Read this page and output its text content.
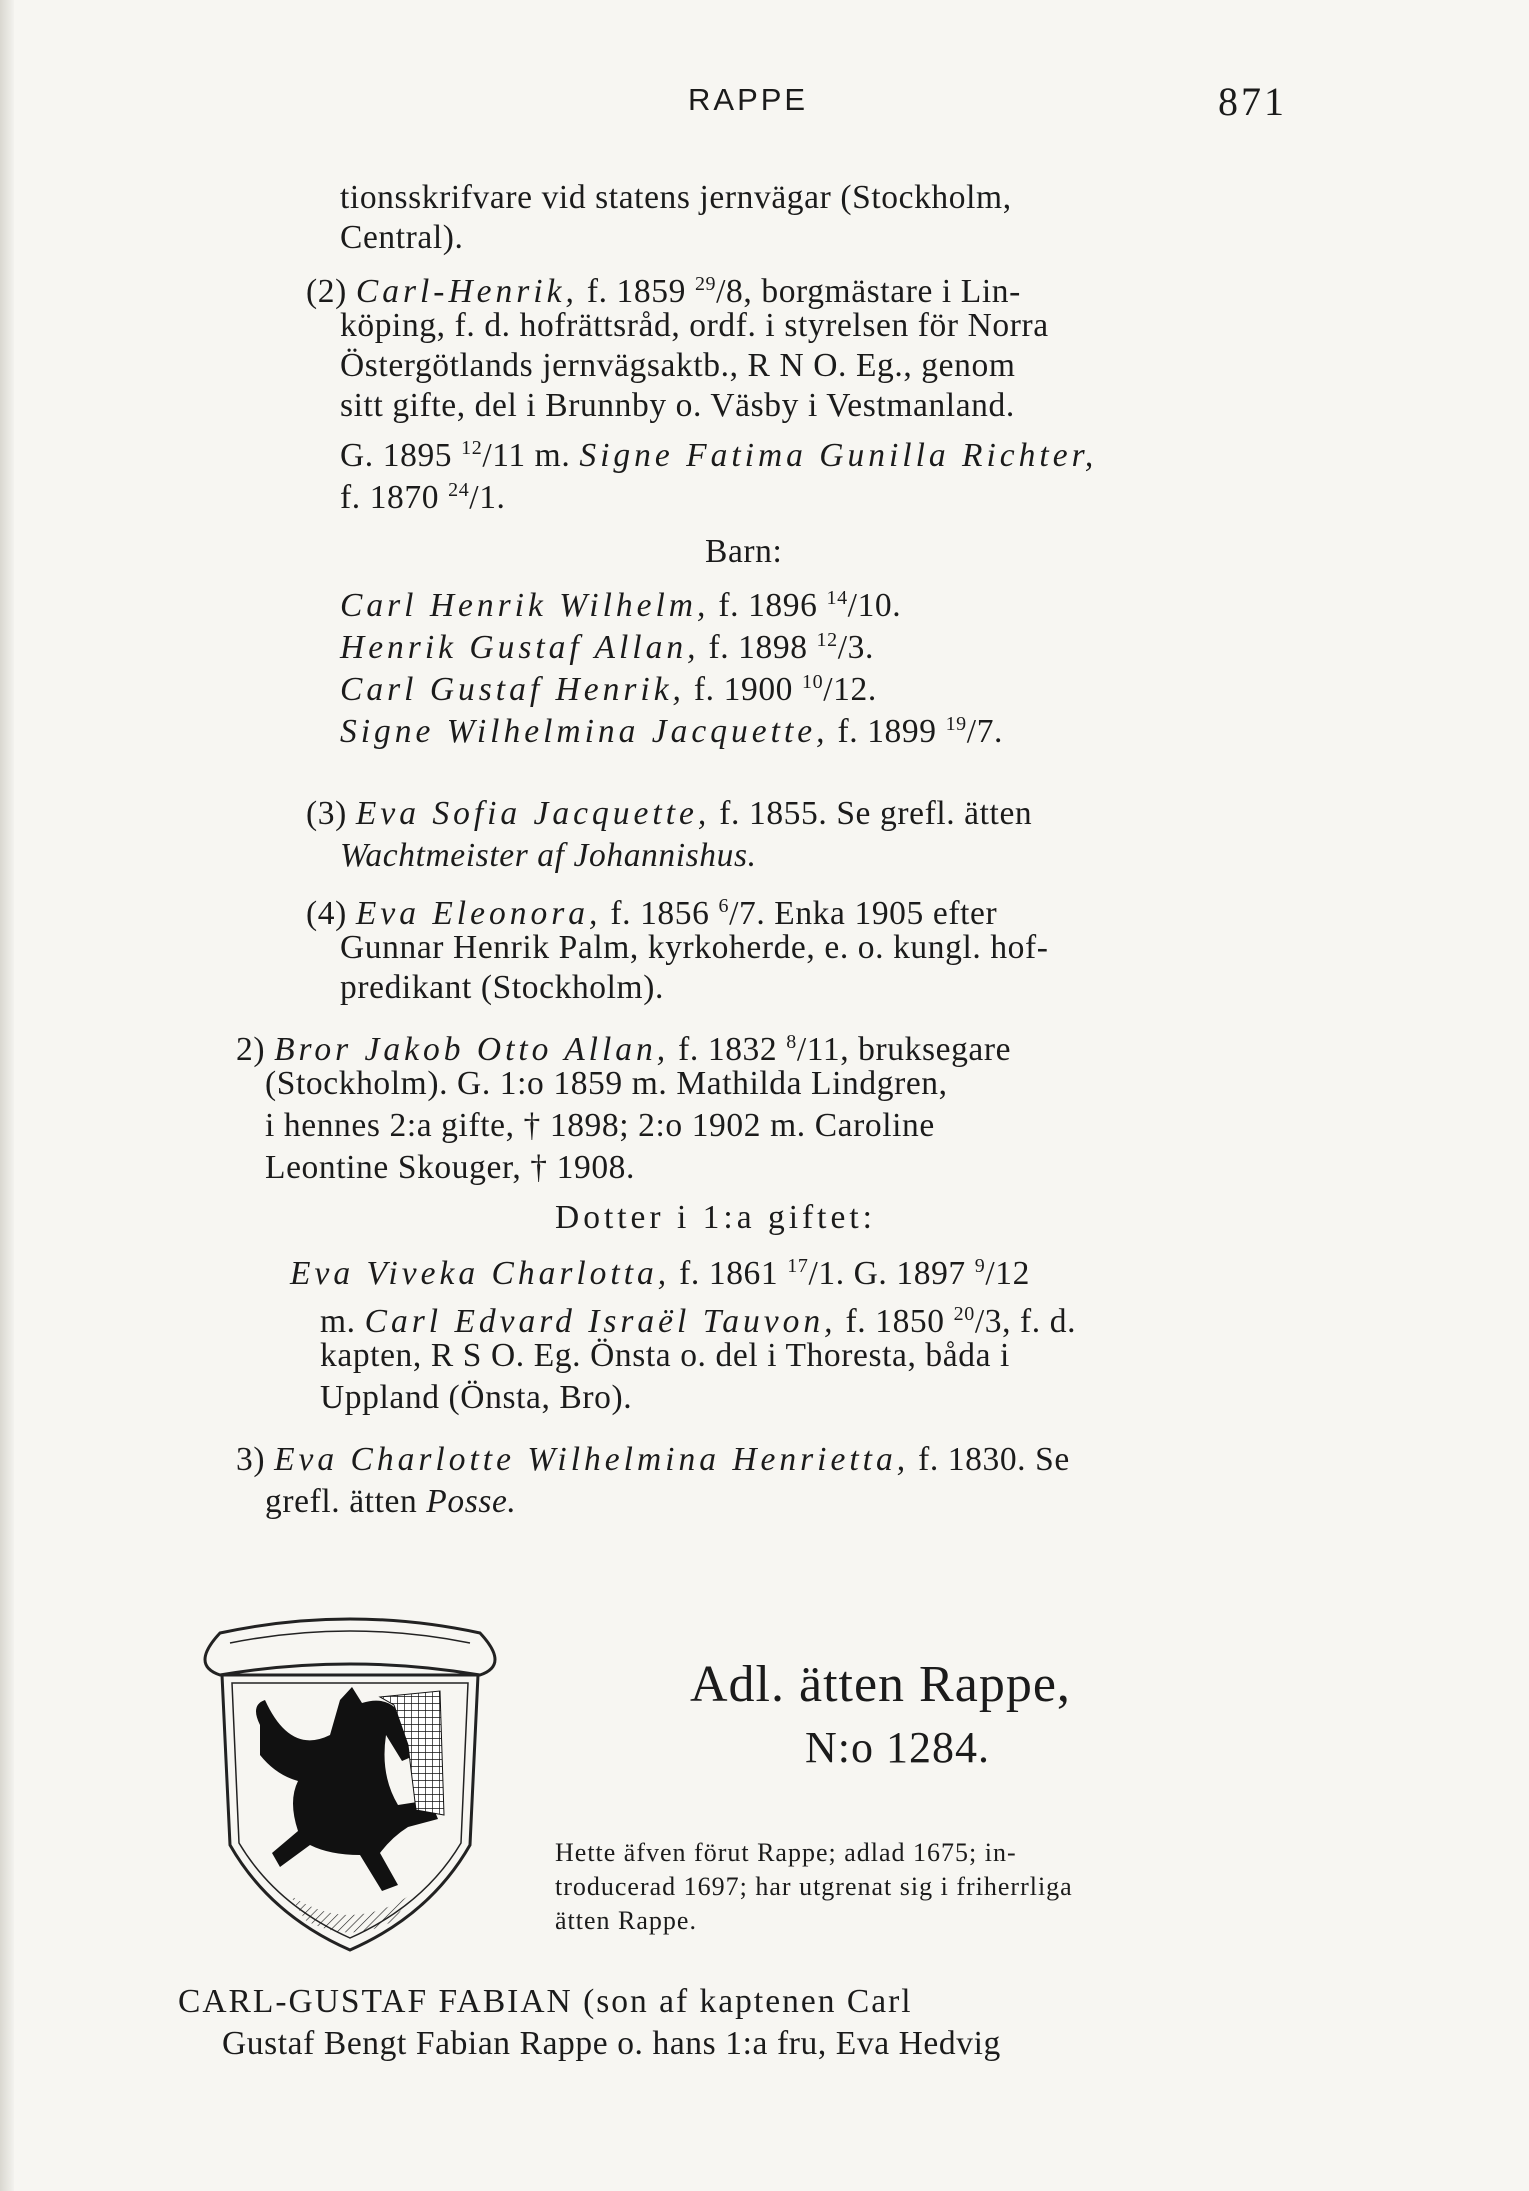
RAPPE	871
tionsskrifvare vid statens jernvägar (Stockholm,
Central).
(2) Carl-Henrik, f. 1859 $^{29}$/8, borgmästare i Lin-
köping, f. d. hofrättsråd, ordf. i styrelsen för Norra
Östergötlands jernvägsaktb., R N O. Eg., genom
sitt gifte, del i Brunnby o. Väsby i Vestmanland.
G. 1895 $^{12}$/11 m. Signe Fatima Gunilla Richter,
f. 1870 $^{24}$/1.
Barn:
Carl Henrik Wilhelm, f. 1896 $^{14}$/10.
Henrik Gustaf Allan, f. 1898 $^{12}$/3.
Carl Gustaf Henrik, f. 1900 $^{10}$/12.
Signe Wilhelmina Jacquette, f. 1899 $^{19}$/7.
(3) Eva Sofia Jacquette, f. 1855. Se grefl. ätten
Wachtmeister af Johannishus.
(4) Eva Eleonora, f. 1856 $^6$/7. Enka 1905 efter
Gunnar Henrik Palm, kyrkoherde, e. o. kungl. hof-
predikant (Stockholm).
2) Bror Jakob Otto Allan, f. 1832 $^8$/11, bruksegare
(Stockholm). G. 1:o 1859 m. Mathilda Lindgren,
i hennes 2:a gifte, † 1898; 2:o 1902 m. Caroline
Leontine Skouger, † 1908.
Dotter i 1:a giftet:
Eva Viveka Charlotta, f. 1861 $^{17}$/1. G. 1897 $^9$/12
m. Carl Edvard Israël Tauvon, f. 1850 $^{20}$/3, f. d.
kapten, R S O. Eg. Önsta o. del i Thoresta, båda i
Uppland (Önsta, Bro).
3) Eva Charlotte Wilhelmina Henrietta, f. 1830. Se
grefl. ätten Posse.
Adl. ätten Rappe,
N:o 1284.
Hette äfven förut Rappe; adlad 1675; in-
troducerad 1697; har utgrenat sig i friherrliga
ätten Rappe.
CARL-GUSTAF FABIAN (son af kaptenen Carl
Gustaf Bengt Fabian Rappe o. hans 1:a fru, Eva Hedvig
